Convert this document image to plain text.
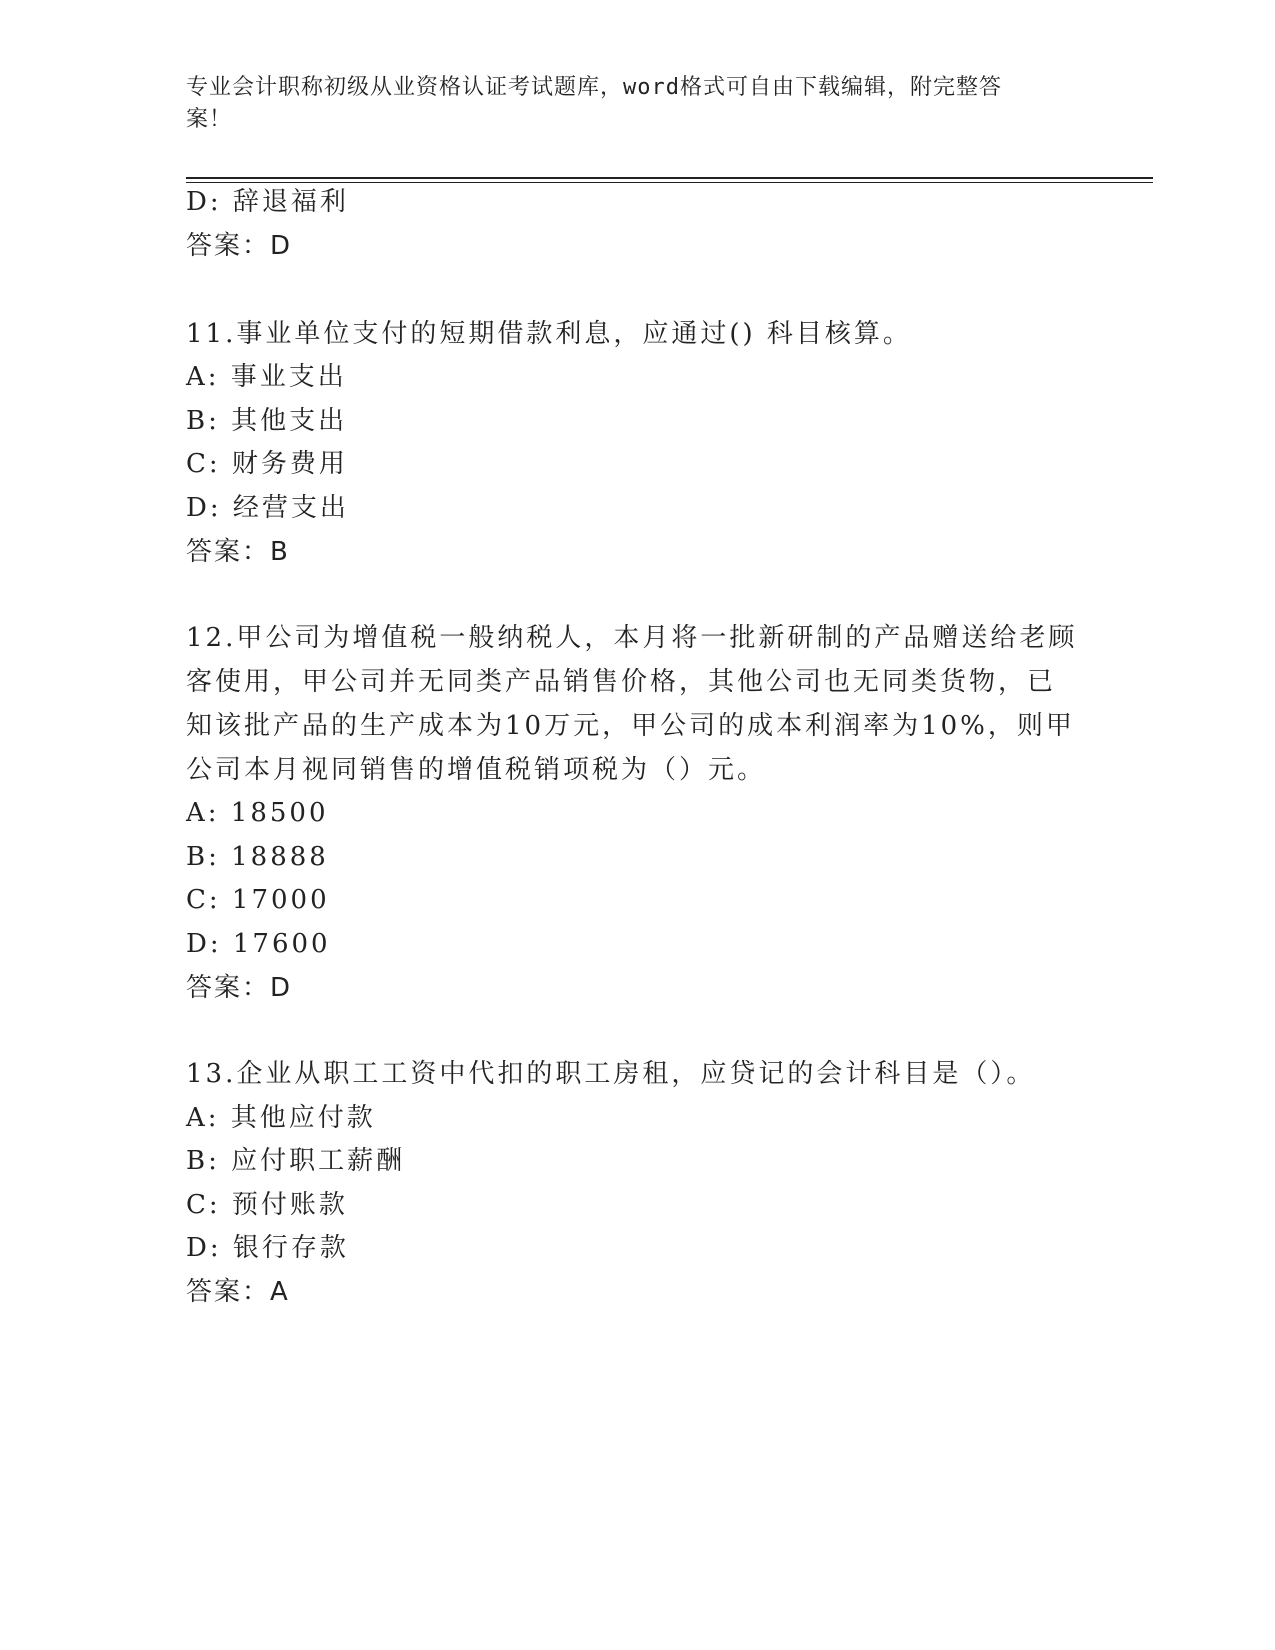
专业会计职称初级从业资格认证考试题库，word格式可自由下载编辑，附完整答
案！
D: 辞退福利
答案：D
11.事业单位支付的短期借款利息，应通过() 科目核算。
A: 事业支出
B: 其他支出
C: 财务费用
D: 经营支出
答案：B
12.甲公司为增值税一般纳税人，本月将一批新研制的产品赠送给老顾
客使用，甲公司并无同类产品销售价格，其他公司也无同类货物，已
知该批产品的生产成本为10万元，甲公司的成本利润率为10%，则甲
公司本月视同销售的增值税销项税为（）元。
A: 18500
B: 18888
C: 17000
D: 17600
答案：D
13.企业从职工工资中代扣的职工房租，应贷记的会计科目是（）。
A: 其他应付款
B: 应付职工薪酬
C: 预付账款
D: 银行存款
答案：A
